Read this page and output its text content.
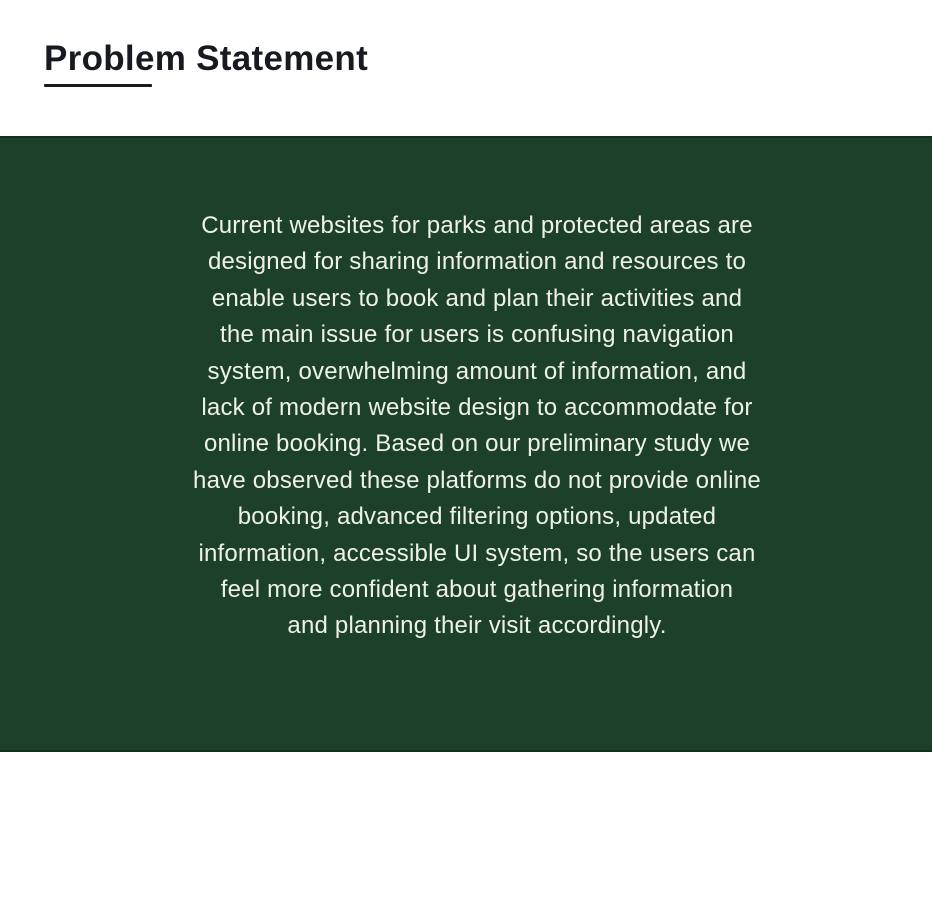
Problem Statement
Current websites for parks and protected areas are
designed for sharing information and resources to
enable users to book and plan their activities and
the main issue for users is confusing navigation
system, overwhelming amount of information, and
lack of modern website design to accommodate for
online booking. Based on our preliminary study we
have observed these platforms do not provide online
booking, advanced filtering options, updated
information, accessible UI system, so the users can
feel more confident about gathering information
and planning their visit accordingly.
